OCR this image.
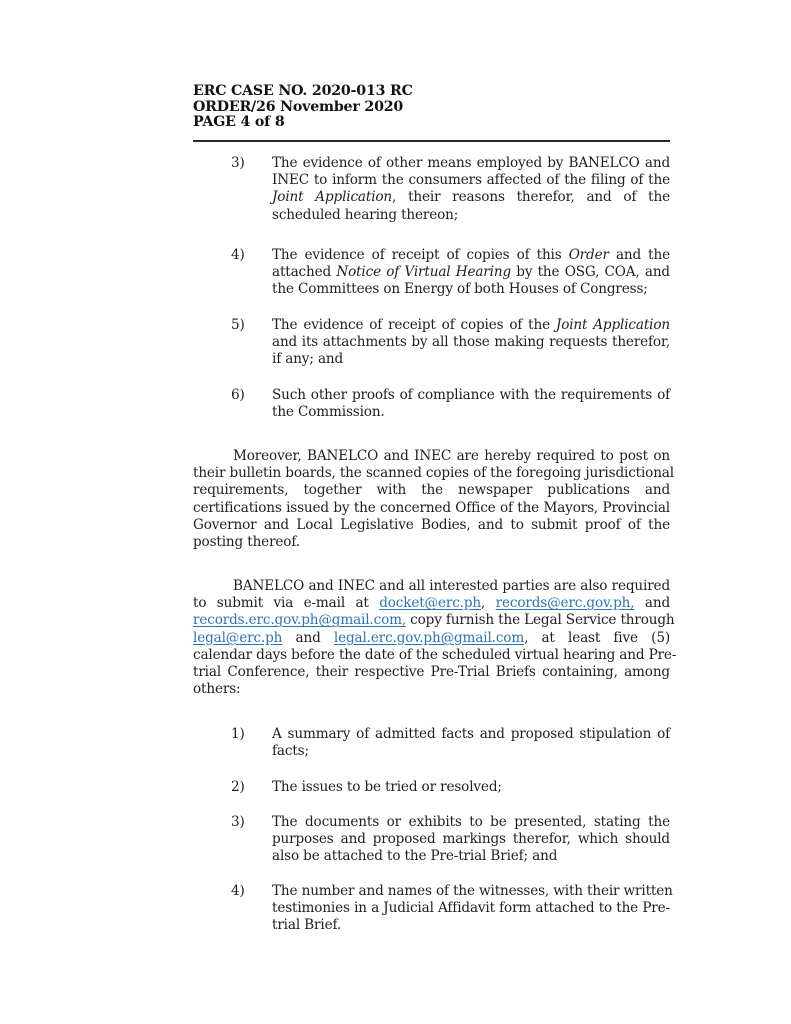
ERC CASE NO. 2020-013 RC
ORDER/26 November 2020
PAGE 4 of 8
3)	The evidence of other means employed by BANELCO and
INEC to inform the consumers affected of the filing of the
Joint Application, their reasons therefor, and of the
scheduled hearing thereon;
4)	The evidence of receipt of copies of this Order and the
attached Notice of Virtual Hearing by the OSG, COA, and
the Committees on Energy of both Houses of Congress;
5)	The evidence of receipt of copies of the Joint Application
and its attachments by all those making requests therefor,
if any; and
6)	Such other proofs of compliance with the requirements of
the Commission.
Moreover, BANELCO and INEC are hereby required to post on
their bulletin boards, the scanned copies of the foregoing jurisdictional
requirements, together with the newspaper publications and
certifications issued by the concerned Office of the Mayors, Provincial
Governor and Local Legislative Bodies, and to submit proof of the
posting thereof.
BANELCO and INEC and all interested parties are also required
to submit via e-mail at docket@erc.ph, records@erc.gov.ph, and
records.erc.gov.ph@gmail.com, copy furnish the Legal Service through
legal@erc.ph and legal.erc.gov.ph@gmail.com, at least five (5)
calendar days before the date of the scheduled virtual hearing and Pre-
trial Conference, their respective Pre-Trial Briefs containing, among
others:
1)	A summary of admitted facts and proposed stipulation of
facts;
2)	The issues to be tried or resolved;
3)	The documents or exhibits to be presented, stating the
purposes and proposed markings therefor, which should
also be attached to the Pre-trial Brief; and
4)	The number and names of the witnesses, with their written
testimonies in a Judicial Affidavit form attached to the Pre-
trial Brief.
